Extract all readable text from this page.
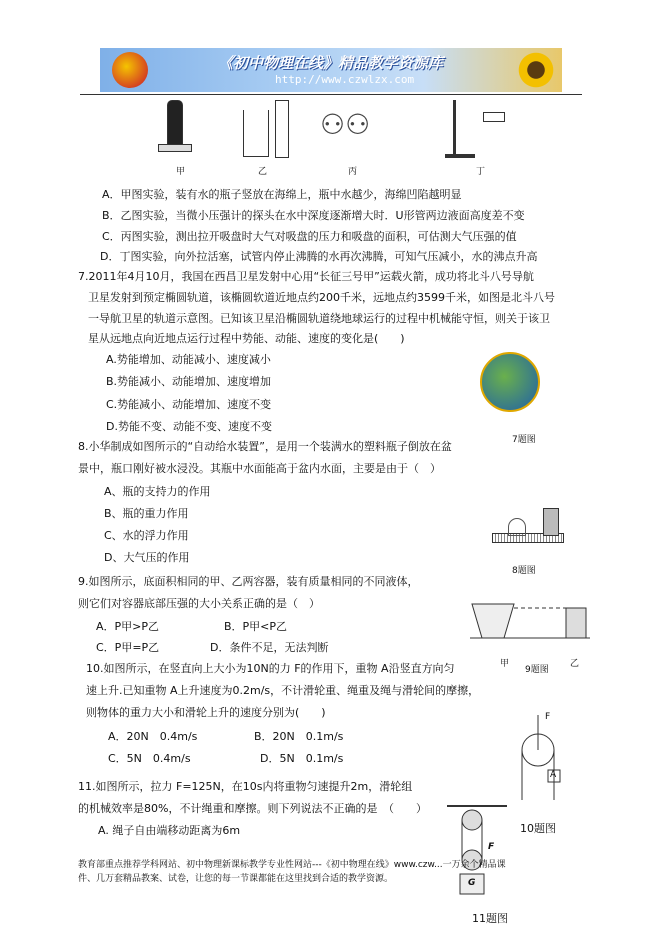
《初中物理在线》精品教学资源库
http://www.czwlzx.com
⚇⚇
甲	乙	丙	丁
A．甲图实验，装有水的瓶子竖放在海绵上，瓶中水越少，海绵凹陷越明显
B．乙图实验，当微小压强计的探头在水中深度逐渐增大时．U形管两边液面高度差不变
C．丙图实验，测出拉开吸盘时大气对吸盘的压力和吸盘的面积，可估测大气压强的值
D．丁图实验，向外拉活塞，试管内停止沸腾的水再次沸腾，可知气压减小，水的沸点升高
7.2011年4月10月，我国在西昌卫星发射中心用“长征三号甲”运载火箭，成功将北斗八号导航
卫星发射到预定椭圆轨道，该椭圆软道近地点约200千米，远地点约3599千米，如图是北斗八号
一导航卫星的轨道示意图。已知该卫星沿椭圆轨道绕地球运行的过程中机械能守恒，则关于该卫
星从远地点向近地点运行过程中势能、动能、速度的变化是(　　)
A.势能增加、动能减小、速度减小
B.势能减小、动能增加、速度增加
C.势能减小、动能增加、速度不变
D.势能不变、动能不变、速度不变
7题图
8.小华制成如图所示的“自动给水装置”，是用一个装满水的塑料瓶子倒放在盆
景中，瓶口刚好被水浸没。其瓶中水面能高于盆内水面，主要是由于（　）
A、瓶的支持力的作用
B、瓶的重力作用
C、水的浮力作用
D、大气压的作用
8题图
9.如图所示，底面积相同的甲、乙两容器，装有质量相同的不同液体，
则它们对容器底部压强的大小关系正确的是（　）
A．P甲>P乙	B．P甲<P乙
C．P甲=P乙	D．条件不足，无法判断
甲	乙
9题图
10.如图所示，在竖直向上大小为10N的力 F的作用下，重物 A沿竖直方向匀
速上升.已知重物 A上升速度为0.2m/s，不计滑轮重、绳重及绳与滑轮间的摩擦，
则物体的重力大小和滑轮上升的速度分别为(　　)
A．20N　0.4m/s	B．20N　0.1m/s
C．5N　0.4m/s	D．5N　0.1m/s
F
A
10题图
11.如图所示，拉力 F=125N，在10s内将重物匀速提升2m，滑轮组
的机械效率是80%，不计绳重和摩擦。则下列说法不正确的是　（　　）
A. 绳子自由端移动距离为6m
F
G
11题图
教育部重点推荐学科网站、初中物理新课标教学专业性网站---《初中物理在线》www.czw...一万余个精品课
件、几万套精品教案、试卷，让您的每一节课都能在这里找到合适的教学资源。
